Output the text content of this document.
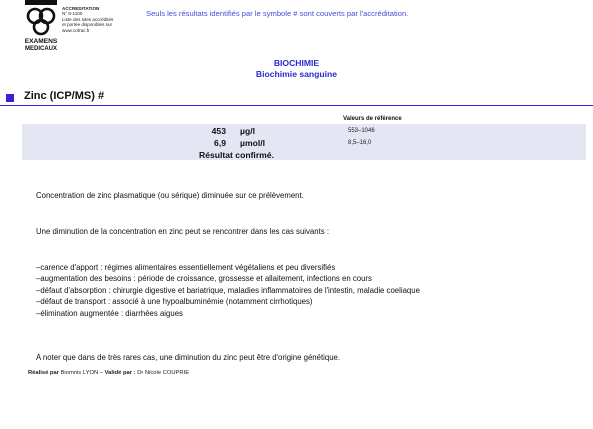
EXAMENS
MEDICAUX
ACCREDITATION
N° 8-1100
Liste des sites accrédités
et portée disponibles sur
www.cofrac.fr
Seuls les résultats identifiés par le symbole # sont couverts par l'accréditation.
BIOCHIMIE
Biochimie sanguine
Zinc (ICP/MS) #
Valeurs de référence
453 µg/l	553–1046
6,9 µmol/l	8,5–16,0
Résultat confirmé.
Concentration de zinc plasmatique (ou sérique) diminuée sur ce prélèvement.
Une diminution de la concentration en zinc peut se rencontrer dans les cas suivants :
–carence d'apport : régimes alimentaires essentiellement végétaliens et peu diversifiés
–augmentation des besoins : période de croissance, grossesse et allaitement, infections en cours
–défaut d'absorption : chirurgie digestive et bariatrique, maladies inflammatoires de l'intestin, maladie coeliaque
–défaut de transport : associé à une hypoalbuminémie (notamment cirrhotiques)
–élimination augmentée : diarrhées aigues
A noter que dans de très rares cas, une diminution du zinc peut être d'origine génétique.
Réalisé par Biomnis LYON – Validé par : Dr Nicole COUPRIE
